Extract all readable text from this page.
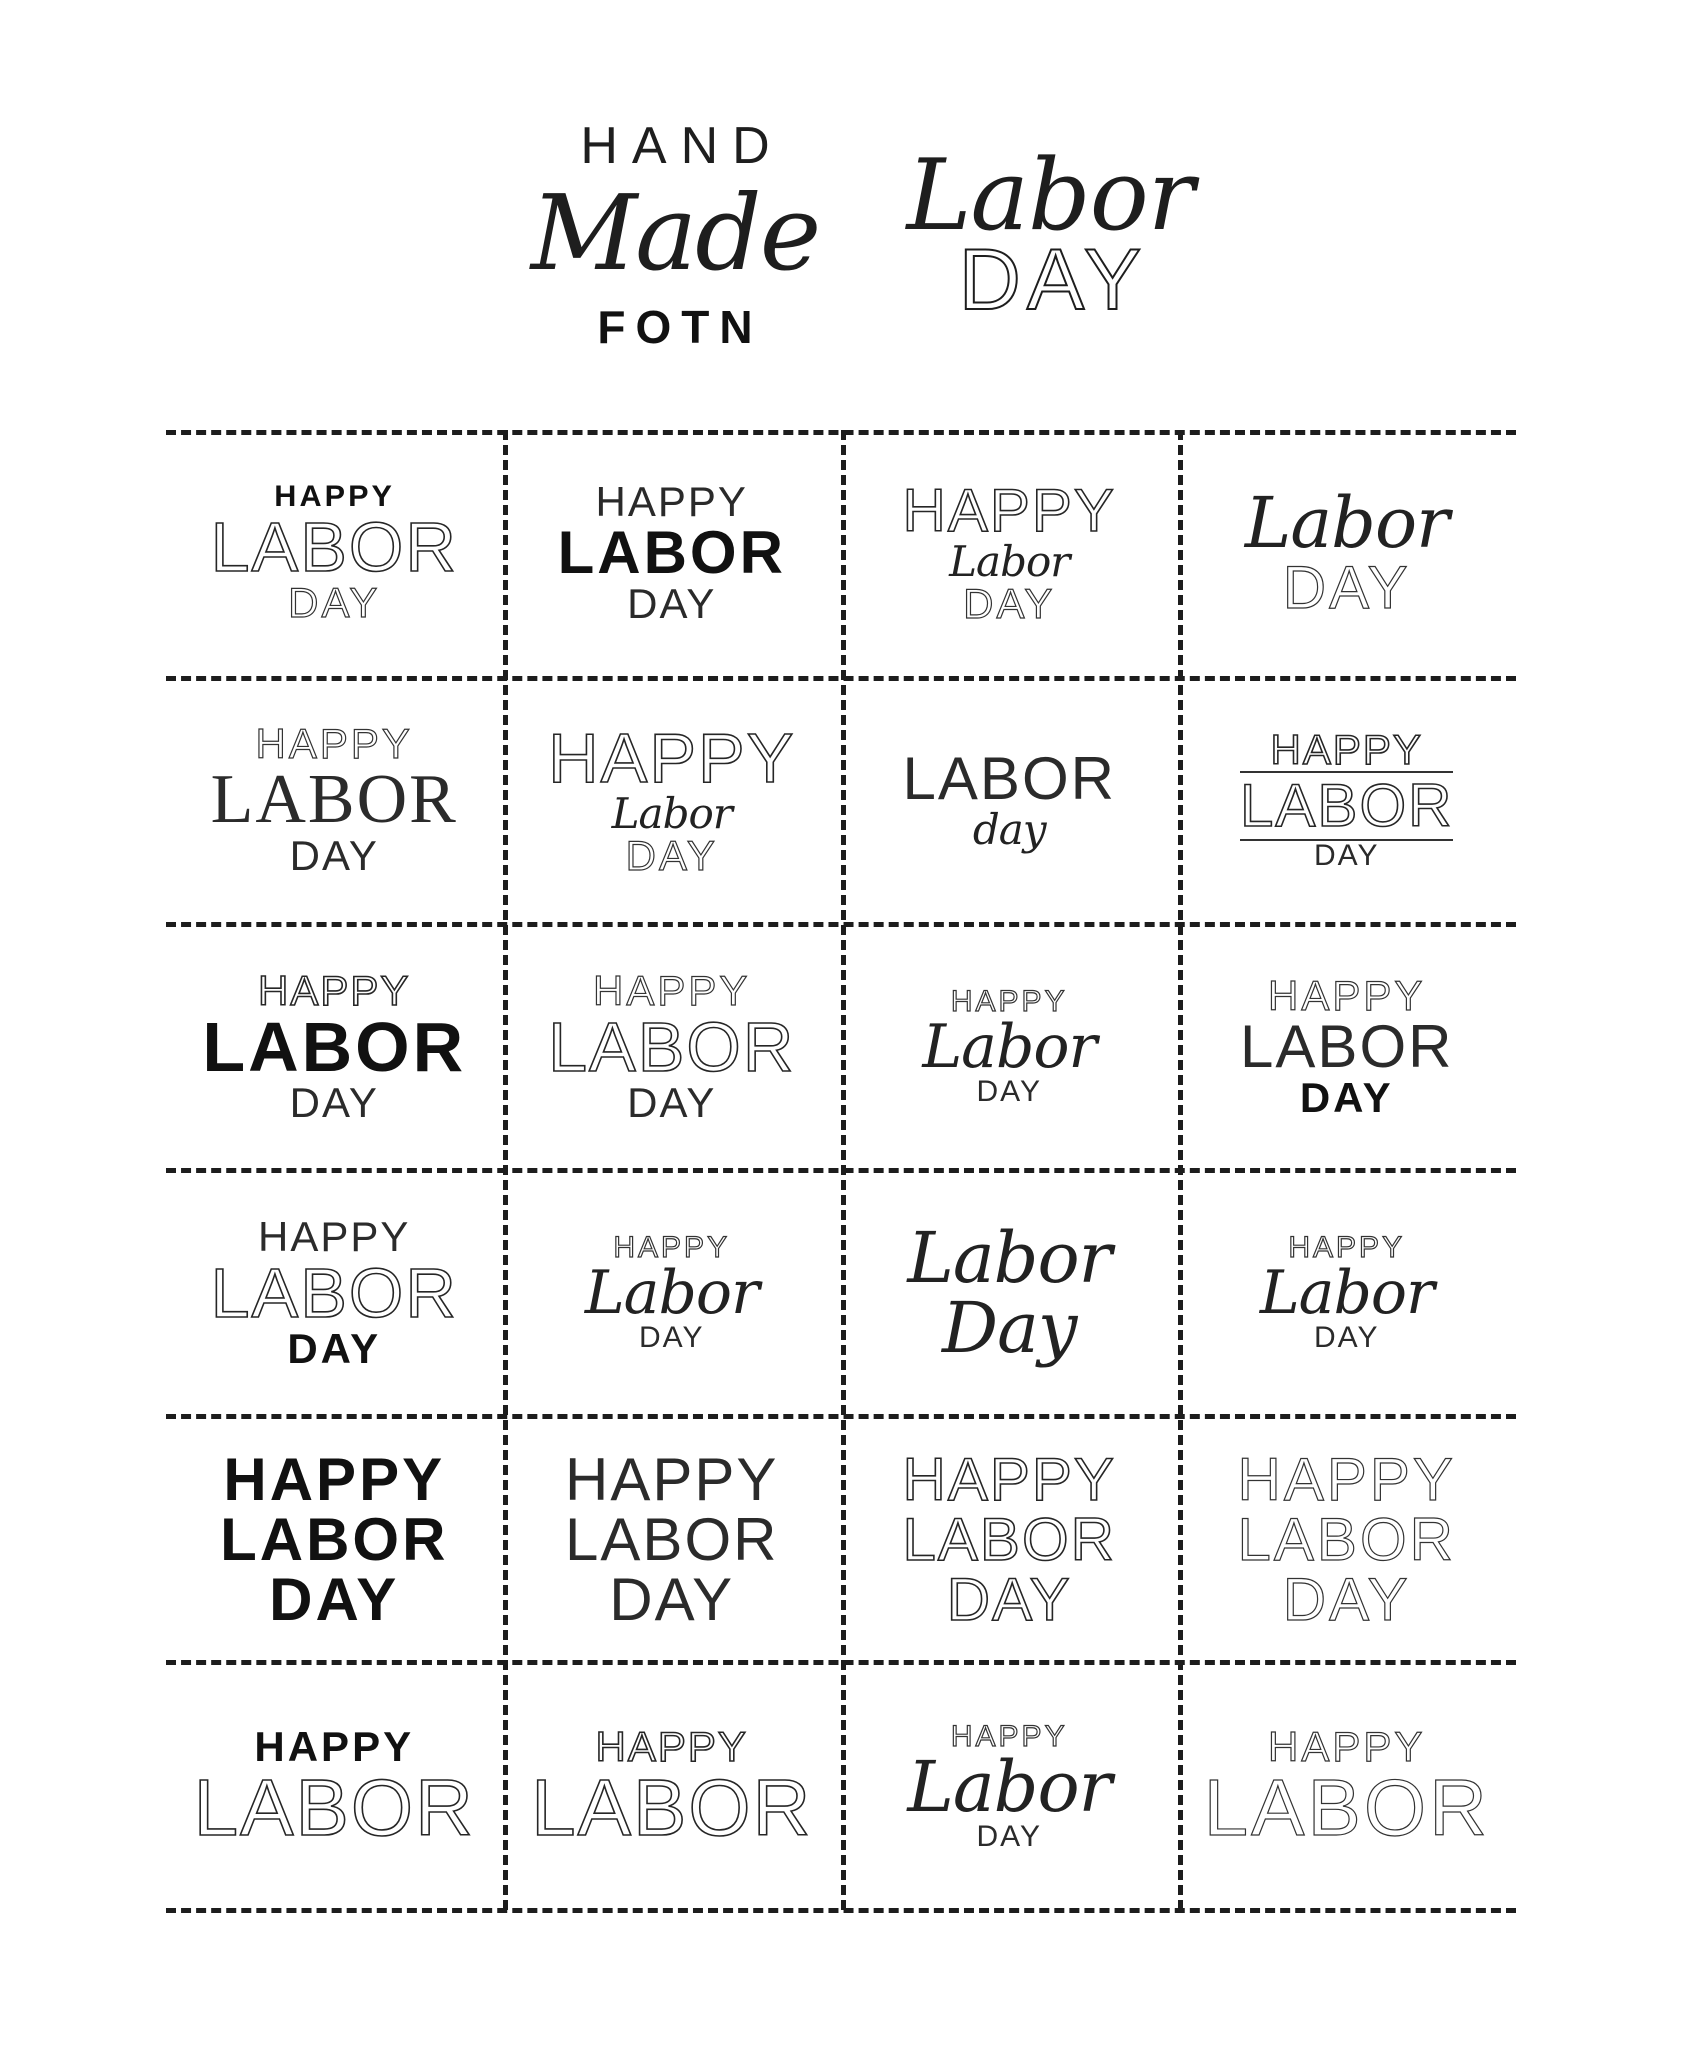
HAND
Made
FOTN
Labor
DAY
HAPPY
LABOR
DAY
HAPPY
LABOR
DAY
HAPPY
Labor
DAY
Labor
DAY
HAPPY
LABOR
DAY
HAPPY
Labor
DAY
LABOR
day
HAPPY
LABOR
DAY
HAPPY
LABOR
DAY
HAPPY
LABOR
DAY
HAPPY
Labor
DAY
HAPPY
LABOR
DAY
HAPPY
LABOR
DAY
HAPPY
Labor
DAY
Labor
Day
HAPPY
Labor
DAY
HAPPY
LABOR
DAY
HAPPY
LABOR
DAY
HAPPY
LABOR
DAY
HAPPY
LABOR
DAY
HAPPY
LABOR
HAPPY
LABOR
HAPPY
Labor
DAY
HAPPY
LABOR
